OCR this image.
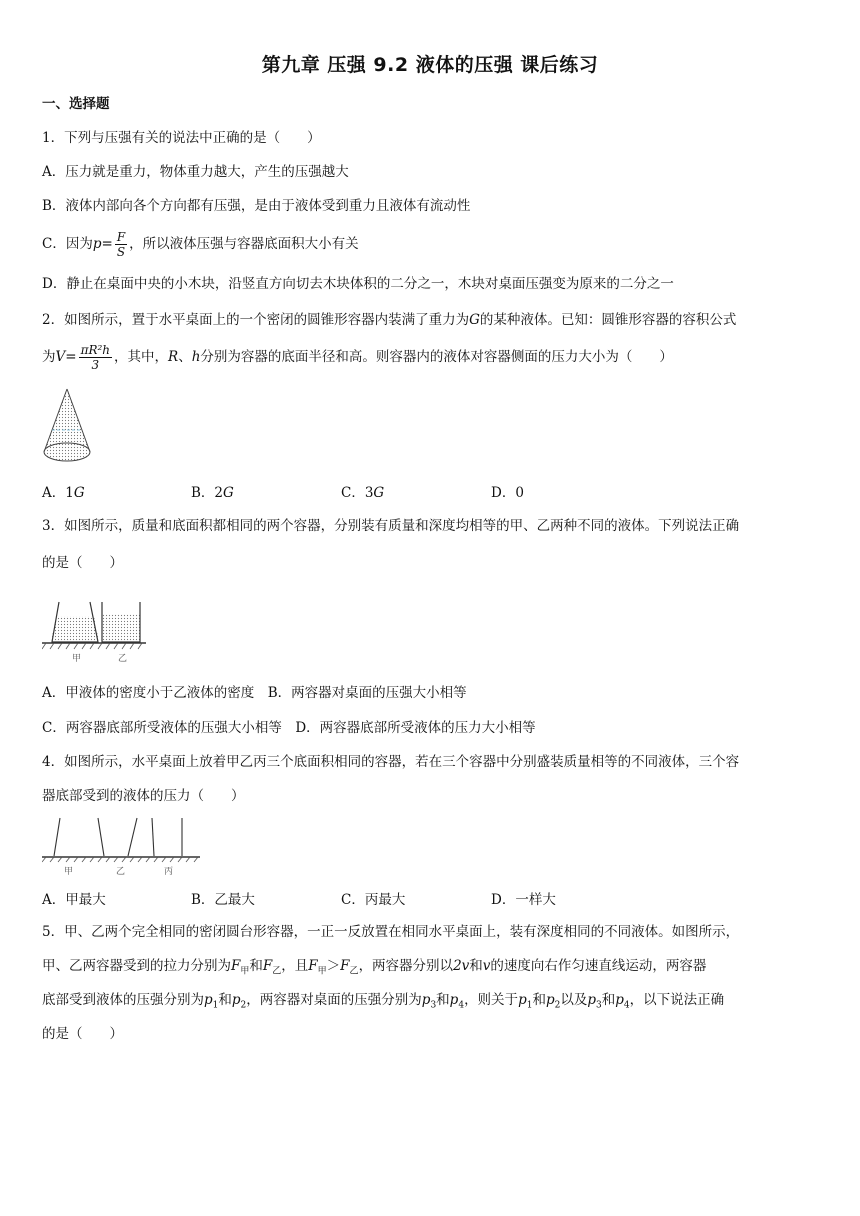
第九章 压强 9.2 液体的压强 课后练习
一、选择题
1．下列与压强有关的说法中正确的是（　　）
A．压力就是重力，物体重力越大，产生的压强越大
B．液体内部向各个方向都有压强，是由于液体受到重力且液体有流动性
C．因为$p= \frac{F}{S}$ ，所以液体压强与容器底面积大小有关
D．静止在桌面中央的小木块，沿竖直方向切去木块体积的二分之一，木块对桌面压强变为原来的二分之一
2．如图所示，置于水平桌面上的一个密闭的圆锥形容器内装满了重力为G的某种液体。已知：圆锥形容器的容积公式
为$V= \frac{\text{πR²h}}{3}$ ，其中，R、h分别为容器的底面半径和高。则容器内的液体对容器侧面的压力大小为（　　）
A．1G	B．2G	C．3G	D．0
3．如图所示，质量和底面积都相同的两个容器，分别装有质量和深度均相等的甲、乙两种不同的液体。下列说法正确
的是（　　）
甲	乙
A．甲液体的密度小于乙液体的密度　B．两容器对桌面的压强大小相等
C．两容器底部所受液体的压强大小相等　D．两容器底部所受液体的压力大小相等
4．如图所示，水平桌面上放着甲乙丙三个底面积相同的容器，若在三个容器中分别盛装质量相等的不同液体，三个容
器底部受到的液体的压力（　　）
甲	乙	丙
A．甲最大	B．乙最大	C．丙最大	D．一样大
5．甲、乙两个完全相同的密闭圆台形容器，一正一反放置在相同水平桌面上，装有深度相同的不同液体。如图所示，
甲、乙两容器受到的拉力分别为$F_甲$和$F_乙$，且$F_甲>F_乙$，两容器分别以2v和v的速度向右作匀速直线运动，两容器
底部受到液体的压强分别为$p_1$和$p_2$，两容器对桌面的压强分别为$p_3$和$p_4$，则关于$p_1$和$p_2$以及$p_3$和$p_4$，以下说法正确
的是（　　）
